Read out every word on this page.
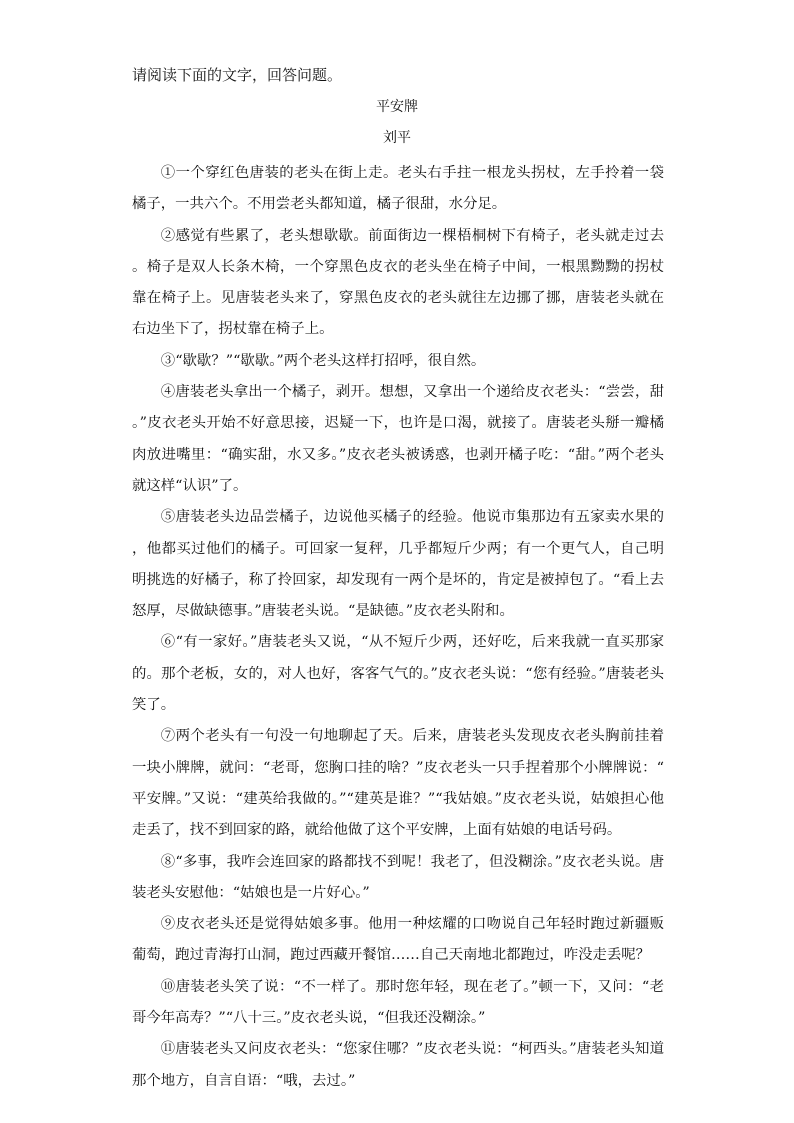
请阅读下面的文字，回答问题。
平安牌
刘平

①一个穿红色唐装的老头在街上走。老头右手拄一根龙头拐杖，左手拎着一袋橘子，一共六个。不用尝老头都知道，橘子很甜，水分足。

②感觉有些累了，老头想歇歇。前面街边一棵梧桐树下有椅子，老头就走过去。椅子是双人长条木椅，一个穿黑色皮衣的老头坐在椅子中间，一根黑黝黝的拐杖靠在椅子上。见唐装老头来了，穿黑色皮衣的老头就往左边挪了挪，唐装老头就在右边坐下了，拐杖靠在椅子上。

③“歇歇？”“歇歇。”两个老头这样打招呼，很自然。

④唐装老头拿出一个橘子，剥开。想想，又拿出一个递给皮衣老头：“尝尝，甜。”皮衣老头开始不好意思接，迟疑一下，也许是口渴，就接了。唐装老头掰一瓣橘肉放进嘴里：“确实甜，水又多。”皮衣老头被诱惑，也剥开橘子吃：“甜。”两个老头就这样“认识”了。

⑤唐装老头边品尝橘子，边说他买橘子的经验。他说市集那边有五家卖水果的，他都买过他们的橘子。可回家一复秤，几乎都短斤少两；有一个更气人，自己明明挑选的好橘子，称了拎回家，却发现有一两个是坏的，肯定是被掉包了。“看上去怒厚，尽做缺德事。”唐装老头说。“是缺德。”皮衣老头附和。

⑥“有一家好。”唐装老头又说，“从不短斤少两，还好吃，后来我就一直买那家的。那个老板，女的，对人也好，客客气气的。”皮衣老头说：“您有经验。”唐装老头笑了。

⑦两个老头有一句没一句地聊起了天。后来，唐装老头发现皮衣老头胸前挂着一块小牌牌，就问：“老哥，您胸口挂的啥？”皮衣老头一只手捏着那个小牌牌说：“平安牌。”又说：“建英给我做的。”“建英是谁？”“我姑娘。”皮衣老头说，姑娘担心他走丢了，找不到回家的路，就给他做了这个平安牌，上面有姑娘的电话号码。

⑧“多事，我咋会连回家的路都找不到呢！我老了，但没糊涂。”皮衣老头说。唐装老头安慰他：“姑娘也是一片好心。”

⑨皮衣老头还是觉得姑娘多事。他用一种炫耀的口吻说自己年轻时跑过新疆贩葡萄，跑过青海打山洞，跑过西藏开餐馆……自己天南地北都跑过，咋没走丢呢？

⑩唐装老头笑了说：“不一样了。那时您年轻，现在老了。”顿一下，又问：“老哥今年高寿？”“八十三。”皮衣老头说，“但我还没糊涂。”

⑪唐装老头又问皮衣老头：“您家住哪？”皮衣老头说：“柯西头。”唐装老头知道那个地方，自言自语：“哦，去过。”
